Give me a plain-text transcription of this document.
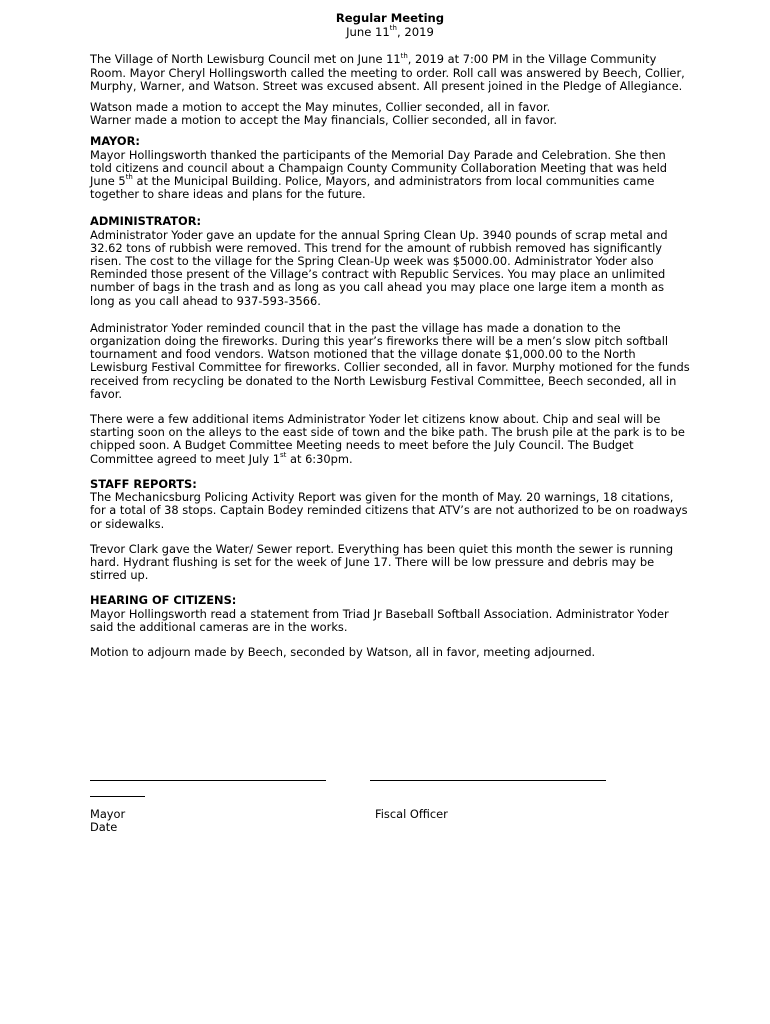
Regular Meeting
June 11th, 2019

The Village of North Lewisburg Council met on June 11th, 2019 at 7:00 PM in the Village Community Room. Mayor Cheryl Hollingsworth called the meeting to order. Roll call was answered by Beech, Collier, Murphy, Warner, and Watson. Street was excused absent. All present joined in the Pledge of Allegiance.

Watson made a motion to accept the May minutes, Collier seconded, all in favor.
Warner made a motion to accept the May financials, Collier seconded, all in favor.

MAYOR:

Mayor Hollingsworth thanked the participants of the Memorial Day Parade and Celebration. She then told citizens and council about a Champaign County Community Collaboration Meeting that was held June 5th at the Municipal Building. Police, Mayors, and administrators from local communities came together to share ideas and plans for the future.

ADMINISTRATOR:

Administrator Yoder gave an update for the annual Spring Clean Up. 3940 pounds of scrap metal and 32.62 tons of rubbish were removed. This trend for the amount of rubbish removed has significantly risen. The cost to the village for the Spring Clean-Up week was $5000.00. Administrator Yoder also Reminded those present of the Village’s contract with Republic Services. You may place an unlimited number of bags in the trash and as long as you call ahead you may place one large item a month as long as you call ahead to 937-593-3566.

Administrator Yoder reminded council that in the past the village has made a donation to the organization doing the fireworks. During this year’s fireworks there will be a men’s slow pitch softball tournament and food vendors. Watson motioned that the village donate $1,000.00 to the North Lewisburg Festival Committee for fireworks. Collier seconded, all in favor. Murphy motioned for the funds received from recycling be donated to the North Lewisburg Festival Committee, Beech seconded, all in favor.

There were a few additional items Administrator Yoder let citizens know about. Chip and seal will be starting soon on the alleys to the east side of town and the bike path. The brush pile at the park is to be chipped soon. A Budget Committee Meeting needs to meet before the July Council. The Budget Committee agreed to meet July 1st at 6:30pm.

STAFF REPORTS:

The Mechanicsburg Policing Activity Report was given for the month of May. 20 warnings, 18 citations, for a total of 38 stops. Captain Bodey reminded citizens that ATV’s are not authorized to be on roadways or sidewalks.

Trevor Clark gave the Water/ Sewer report. Everything has been quiet this month the sewer is running hard. Hydrant flushing is set for the week of June 17. There will be low pressure and debris may be stirred up.

HEARING OF CITIZENS:

Mayor Hollingsworth read a statement from Triad Jr Baseball Softball Association. Administrator Yoder said the additional cameras are in the works.

Motion to adjourn made by Beech, seconded by Watson, all in favor, meeting adjourned.

Mayor
Date
Fiscal Officer
